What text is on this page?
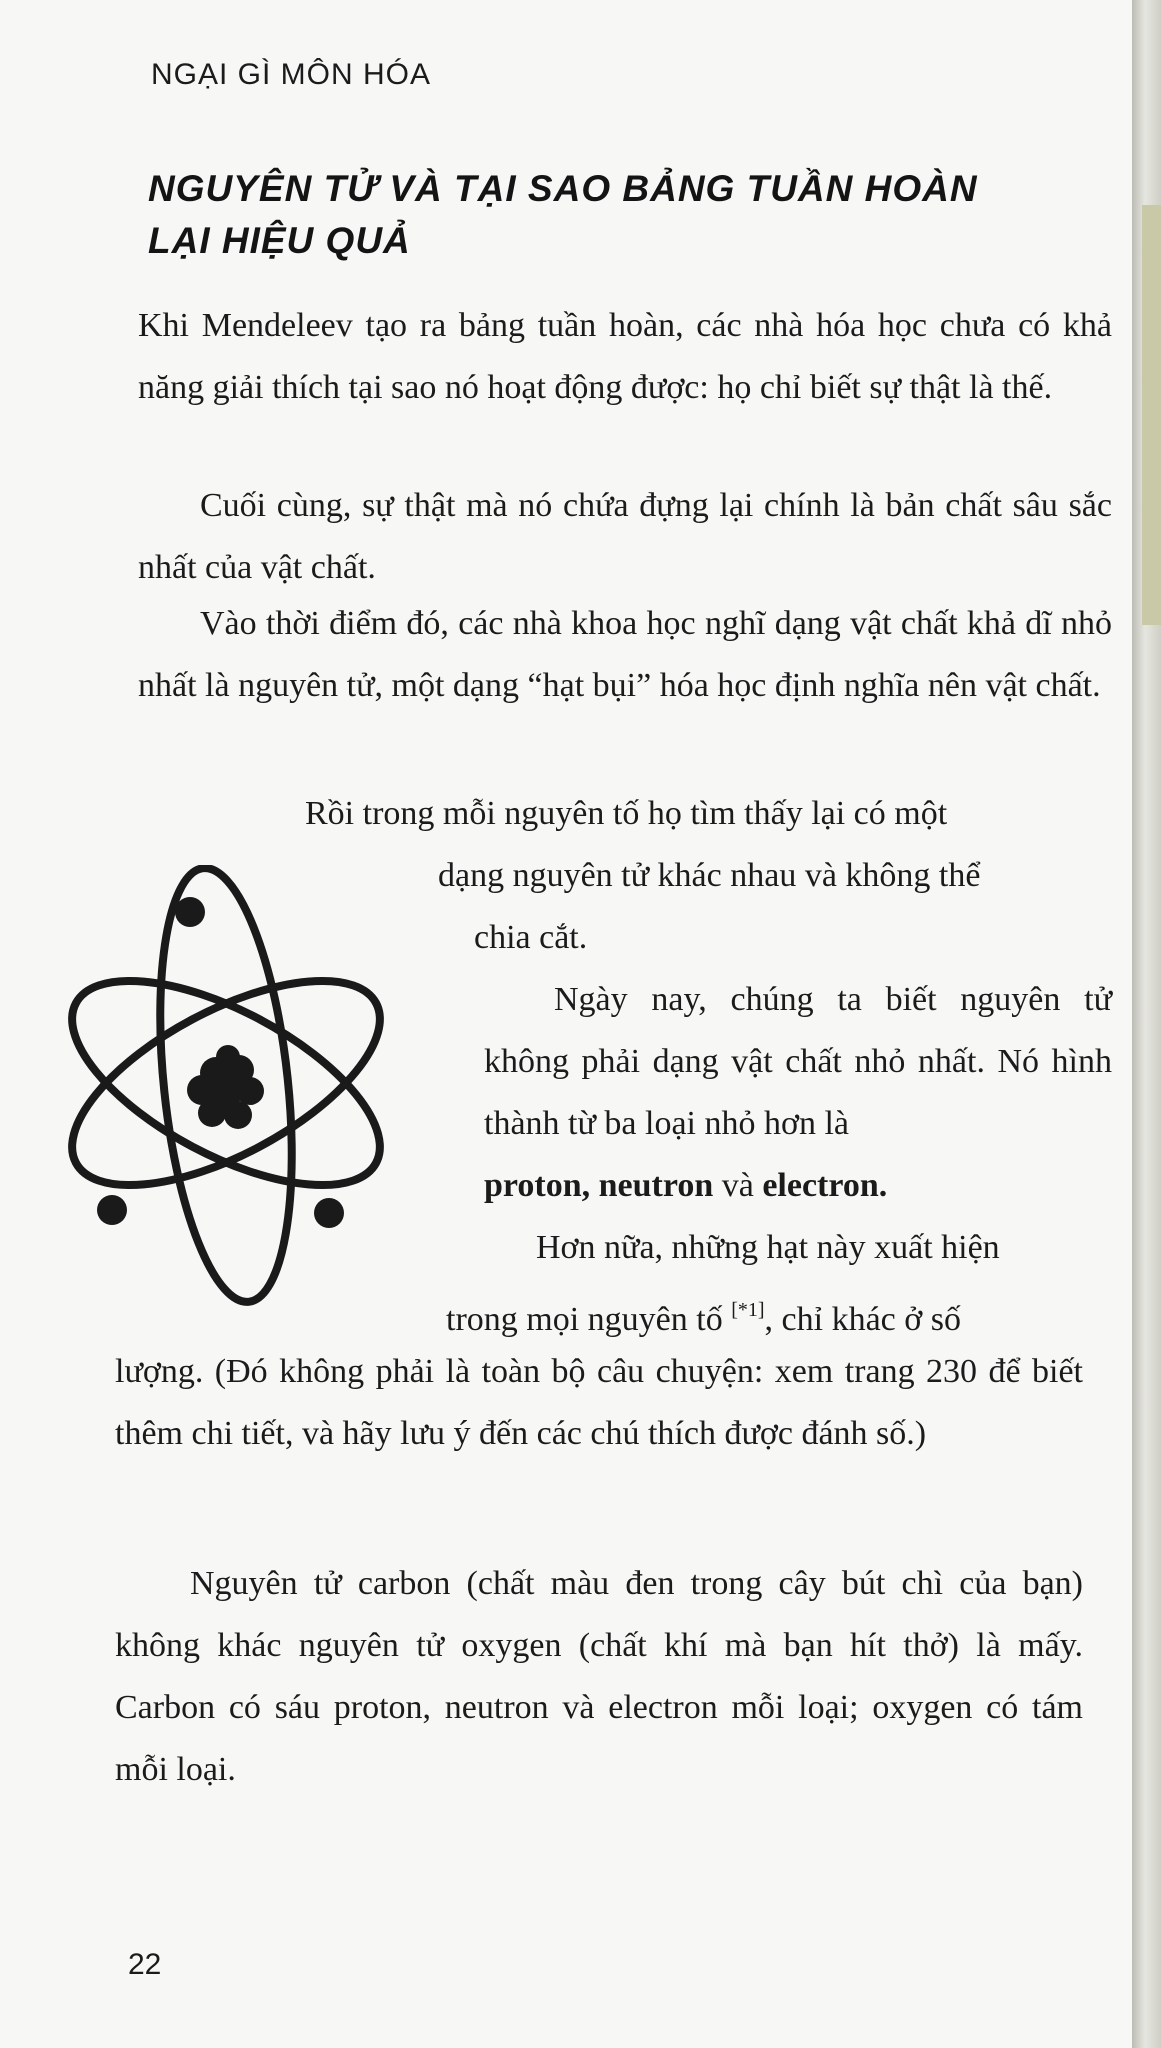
NGẠI GÌ MÔN HÓA
NGUYÊN TỬ VÀ TẠI SAO BẢNG TUẦN HOÀN
LẠI HIỆU QUẢ

Khi Mendeleev tạo ra bảng tuần hoàn, các nhà hóa học chưa có khả năng giải thích tại sao nó hoạt động được: họ chỉ biết sự thật là thế.

Cuối cùng, sự thật mà nó chứa đựng lại chính là bản chất sâu sắc nhất của vật chất.

Vào thời điểm đó, các nhà khoa học nghĩ dạng vật chất khả dĩ nhỏ nhất là nguyên tử, một dạng “hạt bụi” hóa học định nghĩa nên vật chất.

Rồi trong mỗi nguyên tố họ tìm thấy lại có một

dạng nguyên tử khác nhau và không thể

chia cắt.

Ngày nay, chúng ta biết nguyên tử không phải dạng vật chất nhỏ nhất. Nó hình thành từ ba loại nhỏ hơn là
proton, neutron và electron.

Hơn nữa, những hạt này xuất hiện

trong mọi nguyên tố [*1], chỉ khác ở số

lượng. (Đó không phải là toàn bộ câu chuyện: xem trang 230 để biết thêm chi tiết, và hãy lưu ý đến các chú thích được đánh số.)

Nguyên tử carbon (chất màu đen trong cây bút chì của bạn) không khác nguyên tử oxygen (chất khí mà bạn hít thở) là mấy. Carbon có sáu proton, neutron và electron mỗi loại; oxygen có tám mỗi loại.

22
